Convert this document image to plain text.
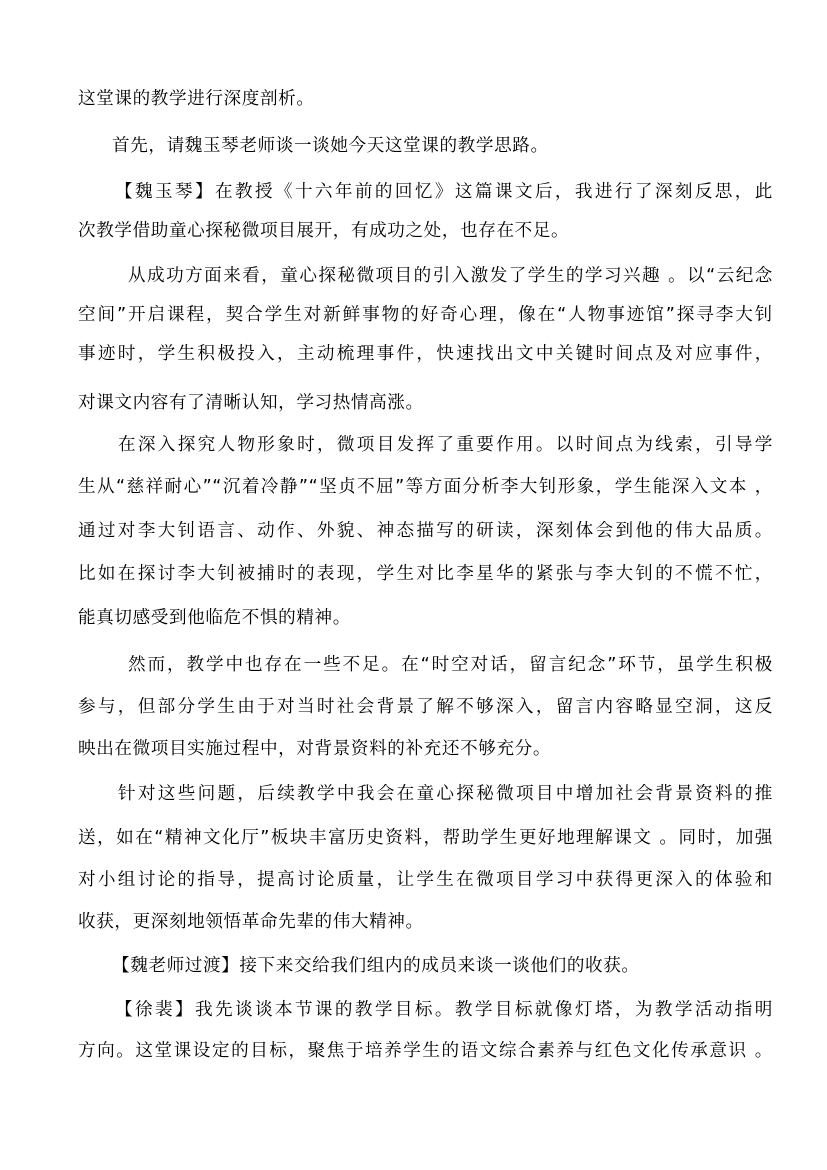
这堂课的教学进行深度剖析。
首先，请魏玉琴老师谈一谈她今天这堂课的教学思路。
【魏玉琴】在教授《十六年前的回忆》这篇课文后，我进行了深刻反思，此
次教学借助童心探秘微项目展开，有成功之处，也存在不足。
从成功方面来看，童心探秘微项目的引入激发了学生的学习兴趣 。以“云纪念
空间”开启课程，契合学生对新鲜事物的好奇心理，像在“人物事迹馆”探寻李大钊
事迹时，学生积极投入，主动梳理事件，快速找出文中关键时间点及对应事件，
对课文内容有了清晰认知，学习热情高涨。
在深入探究人物形象时，微项目发挥了重要作用。以时间点为线索，引导学
生从“慈祥耐心”“沉着冷静”“坚贞不屈”等方面分析李大钊形象，学生能深入文本 ，
通过对李大钊语言、动作、外貌、神态描写的研读，深刻体会到他的伟大品质。
比如在探讨李大钊被捕时的表现，学生对比李星华的紧张与李大钊的不慌不忙，
能真切感受到他临危不惧的精神。
然而，教学中也存在一些不足。在“时空对话，留言纪念”环节，虽学生积极
参与，但部分学生由于对当时社会背景了解不够深入，留言内容略显空洞，这反
映出在微项目实施过程中，对背景资料的补充还不够充分。
针对这些问题，后续教学中我会在童心探秘微项目中增加社会背景资料的推
送，如在“精神文化厅”板块丰富历史资料，帮助学生更好地理解课文 。同时，加强
对小组讨论的指导，提高讨论质量，让学生在微项目学习中获得更深入的体验和
收获，更深刻地领悟革命先辈的伟大精神。
【魏老师过渡】接下来交给我们组内的成员来谈一谈他们的收获。
【徐裴】我先谈谈本节课的教学目标。教学目标就像灯塔，为教学活动指明
方向。这堂课设定的目标，聚焦于培养学生的语文综合素养与红色文化传承意识 。
